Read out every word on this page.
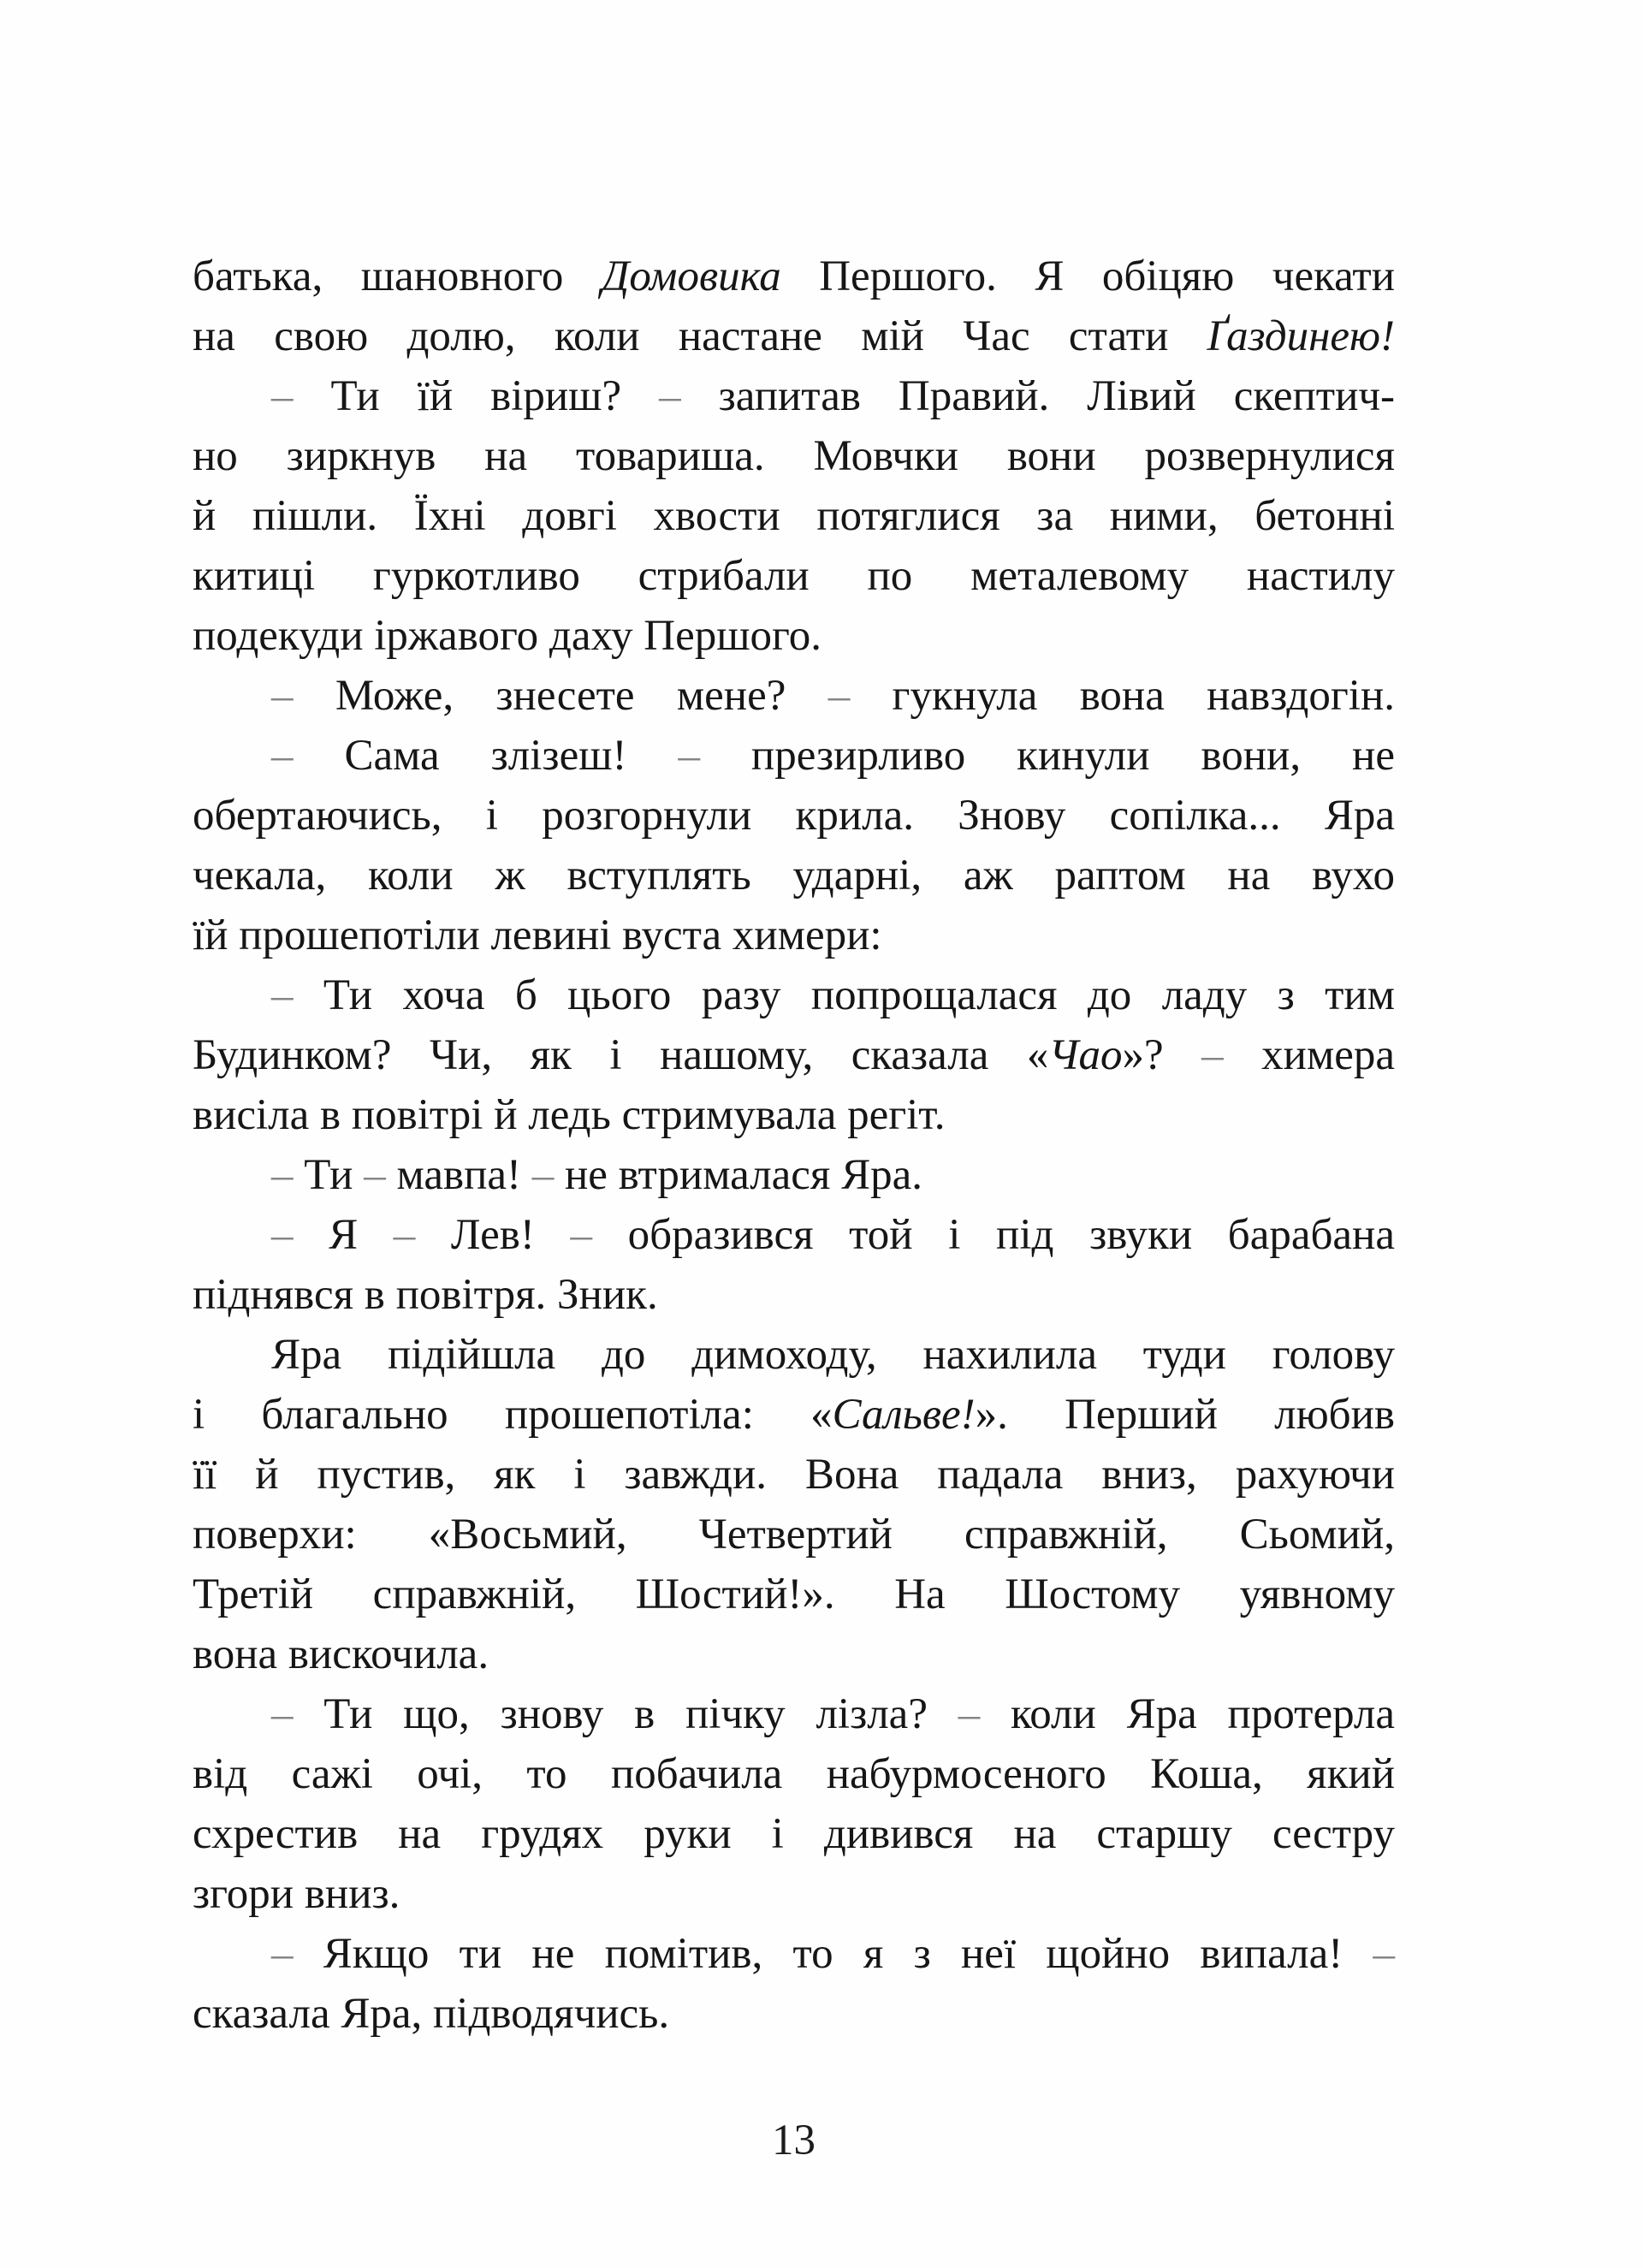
батька, шановного Домовика Першого. Я обіцяю чекати
на свою долю, коли настане мій Час стати Ґаздинею!
– Ти їй віриш? – запитав Правий. Лівий скептич-
но зиркнув на товариша. Мовчки вони розвернулися
й пішли. Їхні довгі хвости потяглися за ними, бетонні
китиці гуркотливо стрибали по металевому настилу
подекуди іржавого даху Першого.
– Може, знесете мене? – гукнула вона навздогін.
– Сама злізеш! – презирливо кинули вони, не
обертаючись, і розгорнули крила. Знову сопілка... Яра
чекала, коли ж вступлять ударні, аж раптом на вухо
їй прошепотіли левині вуста химери:
– Ти хоча б цього разу попрощалася до ладу з тим
Будинком? Чи, як і нашому, сказала «Чао»? – химера
висіла в повітрі й ледь стримувала регіт.
– Ти – мавпа! – не втрималася Яра.
– Я – Лев! – образився той і під звуки барабана
піднявся в повітря. Зник.
Яра підійшла до димоходу, нахилила туди голову
і благально прошепотіла: «Сальве!». Перший любив
її й пустив, як і завжди. Вона падала вниз, рахуючи
поверхи: «Восьмий, Четвертий справжній, Сьомий,
Третій справжній, Шостий!». На Шостому уявному
вона вискочила.
– Ти що, знову в пічку лізла? – коли Яра протерла
від сажі очі, то побачила набурмосеного Коша, який
схрестив на грудях руки і дивився на старшу сестру
згори вниз.
– Якщо ти не помітив, то я з неї щойно випала! –
сказала Яра, підводячись.
13
